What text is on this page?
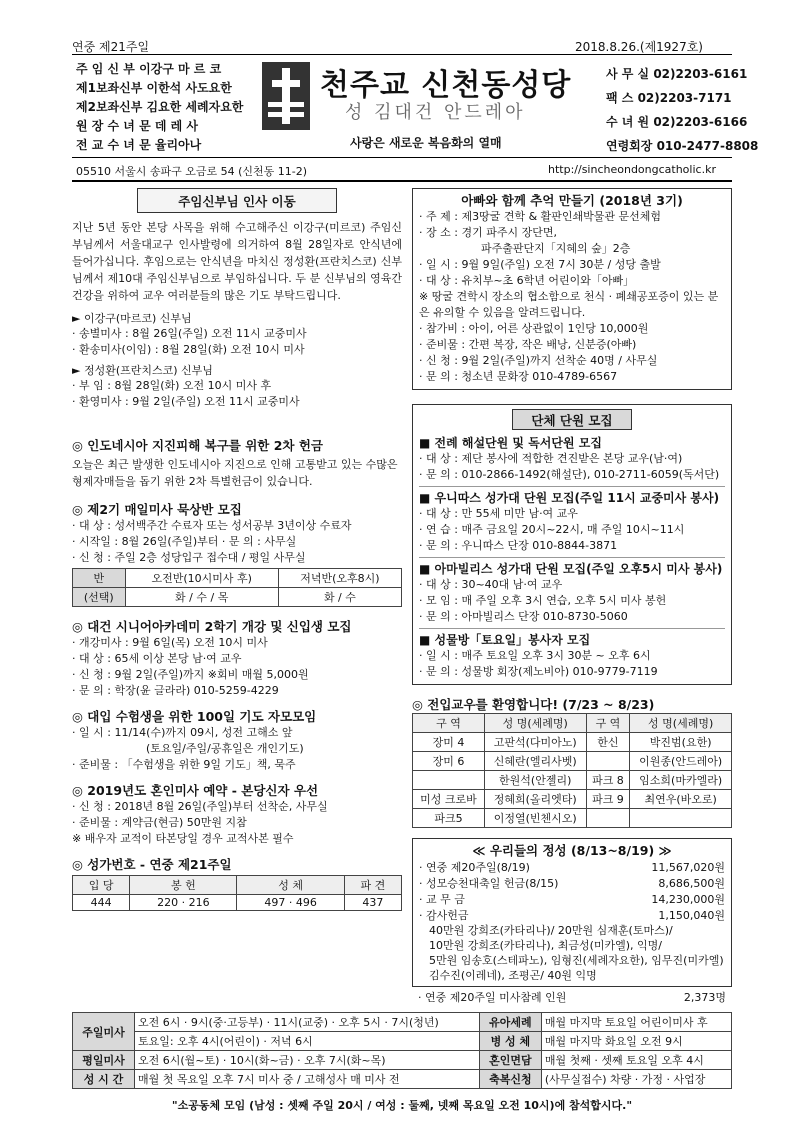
연중 제21주일	2018.8.26.(제1927호)
주 임 신 부 이강구 마 르 코
제1보좌신부 이한석 사도요한
제2보좌신부 김요한 세례자요한
원 장 수 녀 문 데 레 사
전 교 수 녀 문 율리아나
천주교 신천동성당
성 김대건 안드레아
사랑은 새로운 복음화의 열매
사 무 실 02)2203-6161
팩 스 02)2203-7171
수 녀 원 02)2203-6166
연령회장 010-2477-8808
05510 서울시 송파구 오금로 54 (신천동 11-2)	http://sincheondongcatholic.kr
주임신부님 인사 이동
지난 5년 동안 본당 사목을 위해 수고해주신 이강구(미르코) 주임신부님께서 서울대교구 인사발령에 의거하여 8월 28일자로 안식년에 들어가십니다. 후임으로는 안식년을 마치신 정성환(프란치스코) 신부님께서 제10대 주임신부님으로 부임하십니다. 두 분 신부님의 영육간 건강을 위하여 교우 여러분들의 많은 기도 부탁드립니다.
► 이강구(마르코) 신부님
· 송별미사 : 8월 26일(주일) 오전 11시 교중미사
· 환송미사(이임) : 8월 28일(화) 오전 10시 미사
► 정성환(프란치스코) 신부님
· 부 임 : 8월 28일(화) 오전 10시 미사 후
· 환영미사 : 9월 2일(주일) 오전 11시 교중미사
◎ 인도네시아 지진피해 복구를 위한 2차 헌금
오늘은 최근 발생한 인도네시아 지진으로 인해 고통받고 있는 수많은 형제자매들을 돕기 위한 2차 특별헌금이 있습니다.
◎ 제2기 매일미사 묵상반 모집
· 대 상 : 성서백주간 수료자 또는 성서공부 3년이상 수료자
· 시작일 : 8월 26일(주일)부터 · 문 의 : 사무실
· 신 청 : 주일 2층 성당입구 접수대 / 평일 사무실
반	오전반(10시미사 후)	저녁반(오후8시)
(선택)	화 / 수 / 목	화 / 수
◎ 대건 시니어아카데미 2학기 개강 및 신입생 모집
· 개강미사 : 9월 6일(목) 오전 10시 미사
· 대 상 : 65세 이상 본당 남·여 교우
· 신 청 : 9월 2일(주일)까지 ※회비 매월 5,000원
· 문 의 : 학장(윤 글라라) 010-5259-4229
◎ 대입 수험생을 위한 100일 기도 자모모임
· 일 시 : 11/14(수)까지 09시, 성전 고해소 앞
(토요일/주일/공휴일은 개인기도)
· 준비물 : 「수험생을 위한 9일 기도」책, 묵주
◎ 2019년도 혼인미사 예약 - 본당신자 우선
· 신 청 : 2018년 8월 26일(주일)부터 선착순, 사무실
· 준비물 : 계약금(현금) 50만원 지참
※ 배우자 교적이 타본당일 경우 교적사본 필수
◎ 성가번호 - 연중 제21주일
입 당	봉 헌	성 체	파 견
444	220 · 216	497 · 496	437
아빠와 함께 추억 만들기 (2018년 3기)
· 주 제 : 제3땅굴 견학 & 활판인쇄박물관 문선체험
· 장 소 : 경기 파주시 장단면,
파주출판단지「지혜의 숲」2층
· 일 시 : 9월 9일(주일) 오전 7시 30분 / 성당 출발
· 대 상 : 유치부~초 6학년 어린이와「아빠」
※ 땅굴 견학시 장소의 협소함으로 천식 · 폐쇄공포증이 있는 분은 유의할 수 있음을 알려드립니다.
· 참가비 : 아이, 어른 상관없이 1인당 10,000원
· 준비물 : 간편 복장, 작은 배낭, 신분증(아빠)
· 신 청 : 9월 2일(주일)까지 선착순 40명 / 사무실
· 문 의 : 청소년 문화장 010-4789-6567
단체 단원 모집
■ 전례 해설단원 및 독서단원 모집
· 대 상 : 제단 봉사에 적합한 견진받은 본당 교우(남·여)
· 문 의 : 010-2866-1492(해설단), 010-2711-6059(독서단)
■ 우니따스 성가대 단원 모집(주일 11시 교중미사 봉사)
· 대 상 : 만 55세 미만 남·여 교우
· 연 습 : 매주 금요일 20시~22시, 매 주일 10시~11시
· 문 의 : 우니따스 단장 010-8844-3871
■ 아마빌리스 성가대 단원 모집(주일 오후5시 미사 봉사)
· 대 상 : 30~40대 남·여 교우
· 모 임 : 매 주일 오후 3시 연습, 오후 5시 미사 봉헌
· 문 의 : 아마빌리스 단장 010-8730-5060
■ 성물방「토요일」봉사자 모집
· 일 시 : 매주 토요일 오후 3시 30분 ~ 오후 6시
· 문 의 : 성물방 회장(제노비아) 010-9779-7119
◎ 전입교우를 환영합니다! (7/23 ~ 8/23)
구 역	성 명(세례명)	구 역	성 명(세례명)
장미 4	고판석(다미아노)	한신	박진범(요한)
장미 6	신혜란(엘리사벳)		이원종(안드레아)
	한원석(안젤리)	파크 8	임소희(마카엘라)
미성 크로바	정혜희(올리엣타)	파크 9	최연우(바오로)
파크5	이정열(빈첸시오)		
≪ 우리들의 정성 (8/13~8/19) ≫
· 연중 제20주일(8/19)	11,567,020원
· 성모승천대축일 헌금(8/15)	8,686,500원
· 교 무 금	14,230,000원
· 감사헌금	1,150,040원
40만원 강희조(카타리나)/ 20만원 심재훈(토마스)/
10만원 강희조(카타리나), 최금성(미카엘), 익명/
5만원 임송호(스테파노), 임형진(세례자요한), 임무진(미카엘)
김수진(이레네), 조평곤/ 40원 익명
· 연중 제20주일 미사참례 인원	2,373명
주일미사	오전 6시 · 9시(중·고등부) · 11시(교중) · 오후 5시 · 7시(청년)	유아세례	매월 마지막 토요일 어린이미사 후
	토요일: 오후 4시(어린이) · 저녁 6시	병 성 체	매월 마지막 화요일 오전 9시
평일미사	오전 6시(월~토) · 10시(화~금) · 오후 7시(화~목)	혼인면담	매월 첫째 · 셋째 토요일 오후 4시
성 시 간	매월 첫 목요일 오후 7시 미사 중 / 고해성사 매 미사 전	축복신청	(사무실접수) 차량 · 가정 · 사업장
"소공동체 모임 (남성 : 셋째 주일 20시 / 여성 : 둘째, 넷째 목요일 오전 10시)에 참석합시다."
